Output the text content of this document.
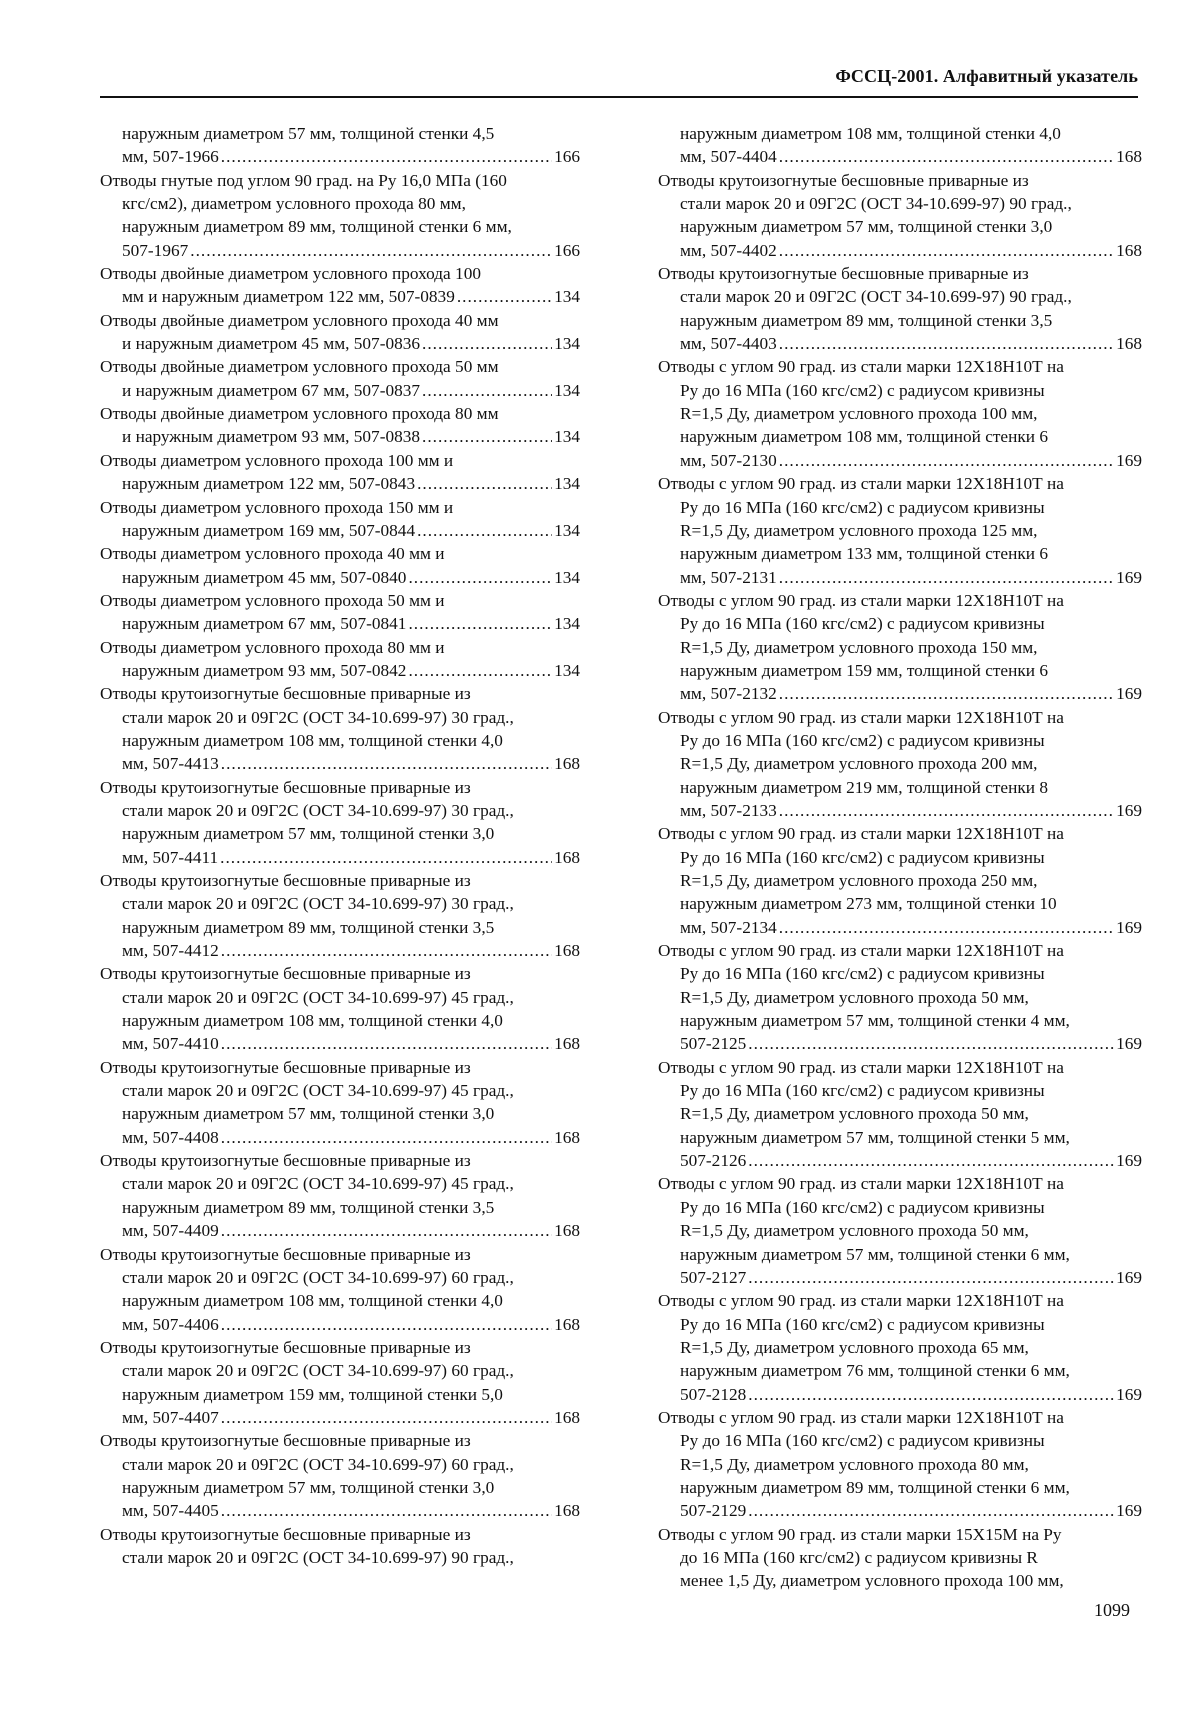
ФССЦ-2001. Алфавитный указатель
наружным диаметром 57 мм, толщиной стенки 4,5
мм, 507-1966 .....	166
Отводы гнутые под углом 90 град. на Ру 16,0 МПа (160
кгс/см2), диаметром условного прохода 80 мм,
наружным диаметром 89 мм, толщиной стенки 6 мм,
507-1967 .....	166
Отводы двойные диаметром условного прохода 100
мм и наружным диаметром 122 мм, 507-0839 .....	134
Отводы двойные диаметром условного прохода 40 мм
и наружным диаметром 45 мм, 507-0836 .....	134
Отводы двойные диаметром условного прохода 50 мм
и наружным диаметром 67 мм, 507-0837 .....	134
Отводы двойные диаметром условного прохода 80 мм
и наружным диаметром 93 мм, 507-0838 .....	134
Отводы диаметром условного прохода 100 мм и
наружным диаметром 122 мм, 507-0843 .....	134
Отводы диаметром условного прохода 150 мм и
наружным диаметром 169 мм, 507-0844 .....	134
Отводы диаметром условного прохода 40 мм и
наружным диаметром 45 мм, 507-0840 .....	134
Отводы диаметром условного прохода 50 мм и
наружным диаметром 67 мм, 507-0841 .....	134
Отводы диаметром условного прохода 80 мм и
наружным диаметром 93 мм, 507-0842 .....	134
Отводы крутоизогнутые бесшовные приварные из
стали марок 20 и 09Г2С (ОСТ 34-10.699-97) 30 град.,
наружным диаметром 108 мм, толщиной стенки 4,0
мм, 507-4413 .....	168
Отводы крутоизогнутые бесшовные приварные из
стали марок 20 и 09Г2С (ОСТ 34-10.699-97) 30 град.,
наружным диаметром 57 мм, толщиной стенки 3,0
мм, 507-4411 .....	168
Отводы крутоизогнутые бесшовные приварные из
стали марок 20 и 09Г2С (ОСТ 34-10.699-97) 30 град.,
наружным диаметром 89 мм, толщиной стенки 3,5
мм, 507-4412 .....	168
Отводы крутоизогнутые бесшовные приварные из
стали марок 20 и 09Г2С (ОСТ 34-10.699-97) 45 град.,
наружным диаметром 108 мм, толщиной стенки 4,0
мм, 507-4410 .....	168
Отводы крутоизогнутые бесшовные приварные из
стали марок 20 и 09Г2С (ОСТ 34-10.699-97) 45 град.,
наружным диаметром 57 мм, толщиной стенки 3,0
мм, 507-4408 .....	168
Отводы крутоизогнутые бесшовные приварные из
стали марок 20 и 09Г2С (ОСТ 34-10.699-97) 45 град.,
наружным диаметром 89 мм, толщиной стенки 3,5
мм, 507-4409 .....	168
Отводы крутоизогнутые бесшовные приварные из
стали марок 20 и 09Г2С (ОСТ 34-10.699-97) 60 град.,
наружным диаметром 108 мм, толщиной стенки 4,0
мм, 507-4406 .....	168
Отводы крутоизогнутые бесшовные приварные из
стали марок 20 и 09Г2С (ОСТ 34-10.699-97) 60 град.,
наружным диаметром 159 мм, толщиной стенки 5,0
мм, 507-4407 .....	168
Отводы крутоизогнутые бесшовные приварные из
стали марок 20 и 09Г2С (ОСТ 34-10.699-97) 60 град.,
наружным диаметром 57 мм, толщиной стенки 3,0
мм, 507-4405 .....	168
Отводы крутоизогнутые бесшовные приварные из
стали марок 20 и 09Г2С (ОСТ 34-10.699-97) 90 град.,
наружным диаметром 108 мм, толщиной стенки 4,0
мм, 507-4404 .....	168
Отводы крутоизогнутые бесшовные приварные из
стали марок 20 и 09Г2С (ОСТ 34-10.699-97) 90 град.,
наружным диаметром 57 мм, толщиной стенки 3,0
мм, 507-4402 .....	168
Отводы крутоизогнутые бесшовные приварные из
стали марок 20 и 09Г2С (ОСТ 34-10.699-97) 90 град.,
наружным диаметром 89 мм, толщиной стенки 3,5
мм, 507-4403 .....	168
Отводы с углом 90 град. из стали марки 12Х18Н10Т на
Ру до 16 МПа (160 кгс/см2) с радиусом кривизны
R=1,5 Ду, диаметром условного прохода 100 мм,
наружным диаметром 108 мм, толщиной стенки 6
мм, 507-2130 .....	169
Отводы с углом 90 град. из стали марки 12Х18Н10Т на
Ру до 16 МПа (160 кгс/см2) с радиусом кривизны
R=1,5 Ду, диаметром условного прохода 125 мм,
наружным диаметром 133 мм, толщиной стенки 6
мм, 507-2131 .....	169
Отводы с углом 90 град. из стали марки 12Х18Н10Т на
Ру до 16 МПа (160 кгс/см2) с радиусом кривизны
R=1,5 Ду, диаметром условного прохода 150 мм,
наружным диаметром 159 мм, толщиной стенки 6
мм, 507-2132 .....	169
Отводы с углом 90 град. из стали марки 12Х18Н10Т на
Ру до 16 МПа (160 кгс/см2) с радиусом кривизны
R=1,5 Ду, диаметром условного прохода 200 мм,
наружным диаметром 219 мм, толщиной стенки 8
мм, 507-2133 .....	169
Отводы с углом 90 град. из стали марки 12Х18Н10Т на
Ру до 16 МПа (160 кгс/см2) с радиусом кривизны
R=1,5 Ду, диаметром условного прохода 250 мм,
наружным диаметром 273 мм, толщиной стенки 10
мм, 507-2134 .....	169
Отводы с углом 90 град. из стали марки 12Х18Н10Т на
Ру до 16 МПа (160 кгс/см2) с радиусом кривизны
R=1,5 Ду, диаметром условного прохода 50 мм,
наружным диаметром 57 мм, толщиной стенки 4 мм,
507-2125 .....	169
Отводы с углом 90 град. из стали марки 12Х18Н10Т на
Ру до 16 МПа (160 кгс/см2) с радиусом кривизны
R=1,5 Ду, диаметром условного прохода 50 мм,
наружным диаметром 57 мм, толщиной стенки 5 мм,
507-2126 .....	169
Отводы с углом 90 град. из стали марки 12Х18Н10Т на
Ру до 16 МПа (160 кгс/см2) с радиусом кривизны
R=1,5 Ду, диаметром условного прохода 50 мм,
наружным диаметром 57 мм, толщиной стенки 6 мм,
507-2127 .....	169
Отводы с углом 90 град. из стали марки 12Х18Н10Т на
Ру до 16 МПа (160 кгс/см2) с радиусом кривизны
R=1,5 Ду, диаметром условного прохода 65 мм,
наружным диаметром 76 мм, толщиной стенки 6 мм,
507-2128 .....	169
Отводы с углом 90 град. из стали марки 12Х18Н10Т на
Ру до 16 МПа (160 кгс/см2) с радиусом кривизны
R=1,5 Ду, диаметром условного прохода 80 мм,
наружным диаметром 89 мм, толщиной стенки 6 мм,
507-2129 .....	169
Отводы с углом 90 град. из стали марки 15Х15М на Ру
до 16 МПа (160 кгс/см2) с радиусом кривизны R
менее 1,5 Ду, диаметром условного прохода 100 мм,
1099
